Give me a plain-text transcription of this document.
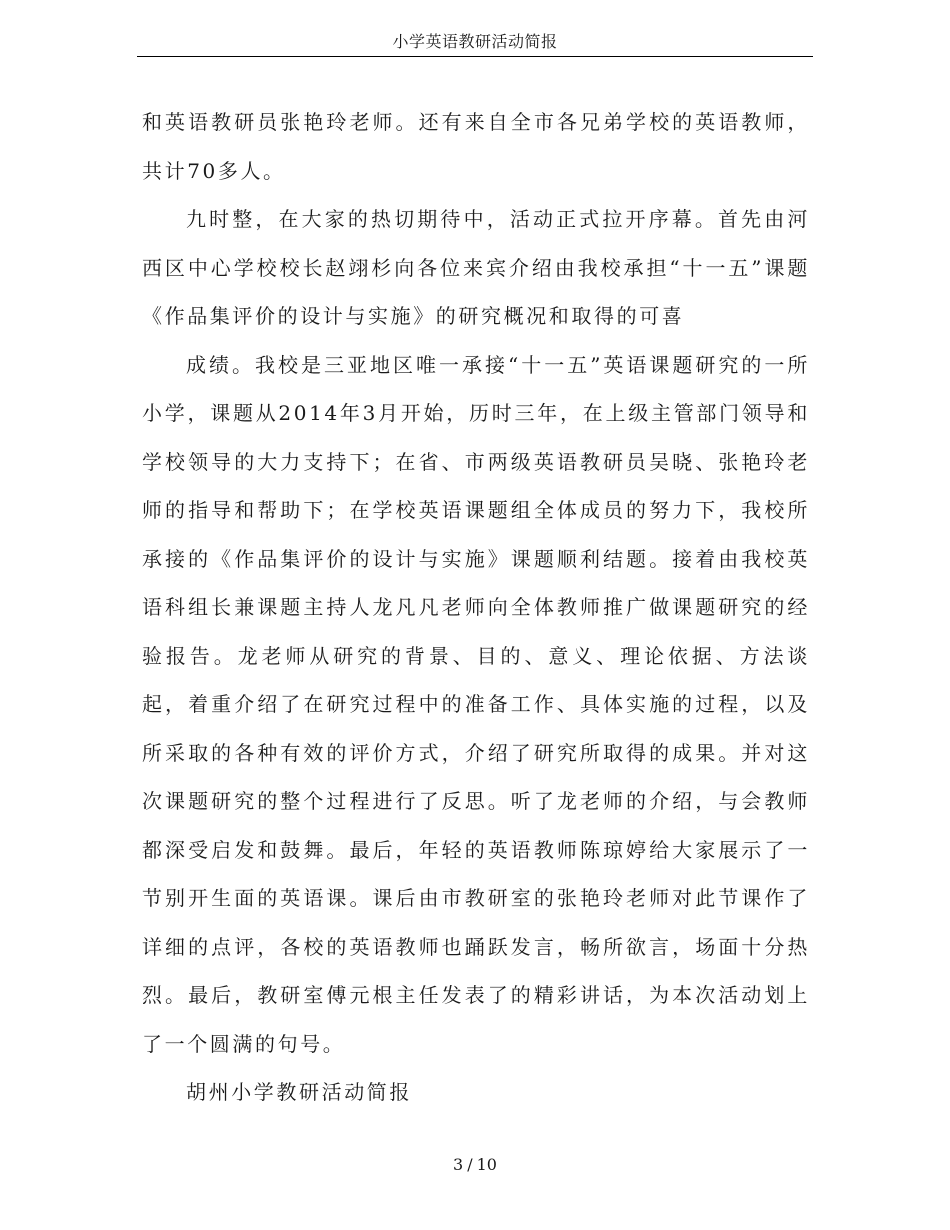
小学英语教研活动简报

和英语教研员张艳玲老师。还有来自全市各兄弟学校的英语教师，共计70多人。

九时整，在大家的热切期待中，活动正式拉开序幕。首先由河西区中心学校校长赵翊杉向各位来宾介绍由我校承担“十一五”课题《作品集评价的设计与实施》的研究概况和取得的可喜

成绩。我校是三亚地区唯一承接“十一五”英语课题研究的一所小学，课题从2014年3月开始，历时三年，在上级主管部门领导和学校领导的大力支持下；在省、市两级英语教研员吴晓、张艳玲老师的指导和帮助下；在学校英语课题组全体成员的努力下，我校所承接的《作品集评价的设计与实施》课题顺利结题。接着由我校英语科组长兼课题主持人龙凡凡老师向全体教师推广做课题研究的经验报告。龙老师从研究的背景、目的、意义、理论依据、方法谈起，着重介绍了在研究过程中的准备工作、具体实施的过程，以及所采取的各种有效的评价方式，介绍了研究所取得的成果。并对这次课题研究的整个过程进行了反思。听了龙老师的介绍，与会教师都深受启发和鼓舞。最后，年轻的英语教师陈琼婷给大家展示了一节别开生面的英语课。课后由市教研室的张艳玲老师对此节课作了详细的点评，各校的英语教师也踊跃发言，畅所欲言，场面十分热烈。最后，教研室傅元根主任发表了的精彩讲话，为本次活动划上了一个圆满的句号。

胡州小学教研活动简报

3 / 10
